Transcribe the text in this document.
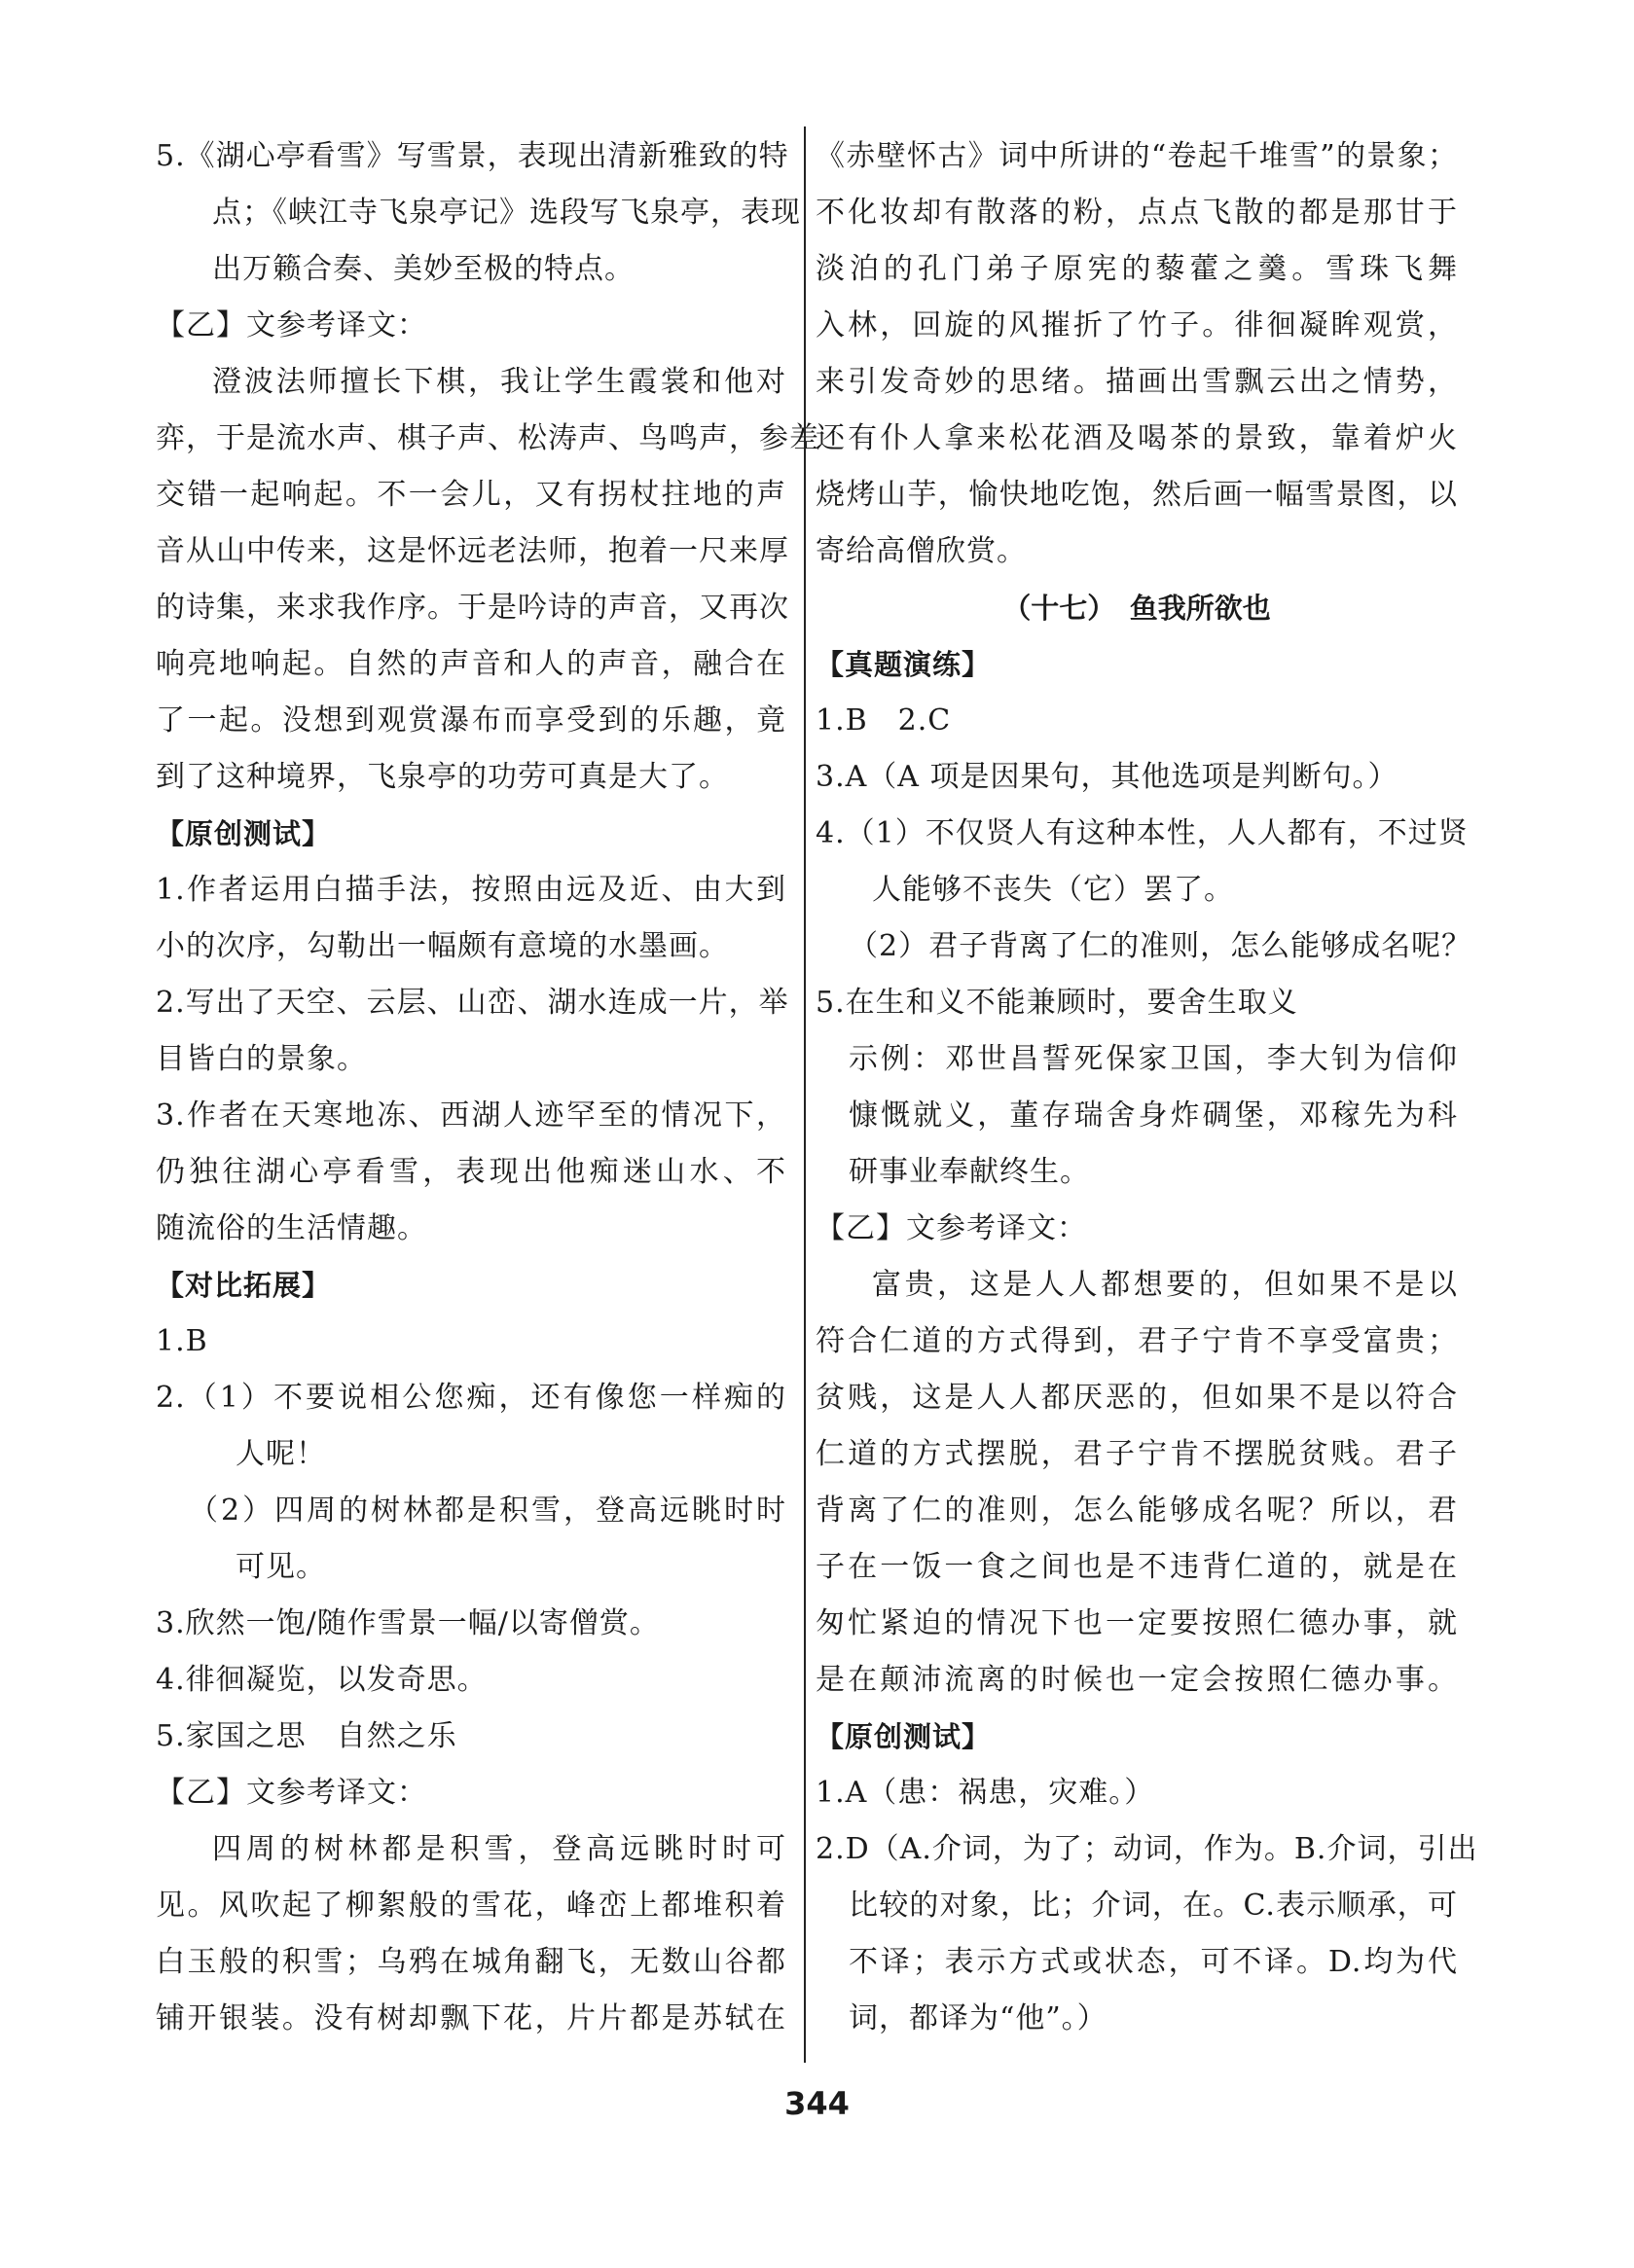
5.《湖心亭看雪》写雪景，表现出清新雅致的特
点；《峡江寺飞泉亭记》选段写飞泉亭，表现
出万籁合奏、美妙至极的特点。
【乙】文参考译文：
澄波法师擅长下棋，我让学生霞裳和他对
弈，于是流水声、棋子声、松涛声、鸟鸣声，参差
交错一起响起。不一会儿，又有拐杖拄地的声
音从山中传来，这是怀远老法师，抱着一尺来厚
的诗集，来求我作序。于是吟诗的声音，又再次
响亮地响起。自然的声音和人的声音，融合在
了一起。没想到观赏瀑布而享受到的乐趣，竟
到了这种境界，飞泉亭的功劳可真是大了。
【原创测试】
1.作者运用白描手法，按照由远及近、由大到
小的次序，勾勒出一幅颇有意境的水墨画。
2.写出了天空、云层、山峦、湖水连成一片，举
目皆白的景象。
3.作者在天寒地冻、西湖人迹罕至的情况下，
仍独往湖心亭看雪，表现出他痴迷山水、不
随流俗的生活情趣。
【对比拓展】
1.B
2.（1）不要说相公您痴，还有像您一样痴的
人呢！
（2）四周的树林都是积雪，登高远眺时时
可见。
3.欣然一饱/随作雪景一幅/以寄僧赏。
4.徘徊凝览，以发奇思。
5.家国之思　自然之乐
【乙】文参考译文：
四周的树林都是积雪，登高远眺时时可
见。风吹起了柳絮般的雪花，峰峦上都堆积着
白玉般的积雪；乌鸦在城角翻飞，无数山谷都
铺开银装。没有树却飘下花，片片都是苏轼在
《赤壁怀古》词中所讲的“卷起千堆雪”的景象；
不化妆却有散落的粉，点点飞散的都是那甘于
淡泊的孔门弟子原宪的藜藿之羹。雪珠飞舞
入林，回旋的风摧折了竹子。徘徊凝眸观赏，
来引发奇妙的思绪。描画出雪飘云出之情势，
还有仆人拿来松花酒及喝茶的景致，靠着炉火
烧烤山芋，愉快地吃饱，然后画一幅雪景图，以
寄给高僧欣赏。
（十七）　鱼我所欲也
【真题演练】
1.B　2.C
3.A（A 项是因果句，其他选项是判断句。）
4.（1）不仅贤人有这种本性，人人都有，不过贤
人能够不丧失（它）罢了。
（2）君子背离了仁的准则，怎么能够成名呢？
5.在生和义不能兼顾时，要舍生取义
示例：邓世昌誓死保家卫国，李大钊为信仰
慷慨就义，董存瑞舍身炸碉堡，邓稼先为科
研事业奉献终生。
【乙】文参考译文：
富贵，这是人人都想要的，但如果不是以
符合仁道的方式得到，君子宁肯不享受富贵；
贫贱，这是人人都厌恶的，但如果不是以符合
仁道的方式摆脱，君子宁肯不摆脱贫贱。君子
背离了仁的准则，怎么能够成名呢？所以，君
子在一饭一食之间也是不违背仁道的，就是在
匆忙紧迫的情况下也一定要按照仁德办事，就
是在颠沛流离的时候也一定会按照仁德办事。
【原创测试】
1.A（患：祸患，灾难。）
2.D（A.介词，为了；动词，作为。B.介词，引出
比较的对象，比；介词，在。C.表示顺承，可
不译；表示方式或状态，可不译。D.均为代
词，都译为“他”。）
344
